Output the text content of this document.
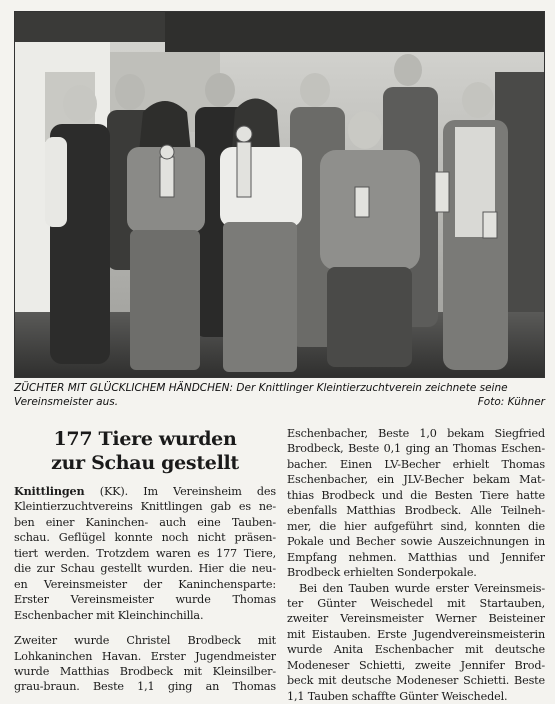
ZÜCHTER MIT GLÜCKLICHEM HÄNDCHEN: Der Knittlinger Kleintierzuchtverein zeichnete seine
Vereinsmeister aus.	Foto: Kühner
177 Tiere wurden
zur Schau gestellt
Knittlingen (KK). Im Vereinsheim des
Kleintierzuchtvereins Knittlingen gab es ne-
ben einer Kaninchen- auch eine Tauben-
schau. Geflügel konnte noch nicht präsen-
tiert werden. Trotzdem waren es 177 Tiere,
die zur Schau gestellt wurden. Hier die neu-
en Vereinsmeister der Kaninchensparte:
Erster Vereinsmeister wurde Thomas
Eschenbacher mit Kleinchinchilla.
Zweiter wurde Christel Brodbeck mit
Lohkaninchen Havan. Erster Jugendmeister
wurde Matthias Brodbeck mit Kleinsilber-
grau-braun. Beste 1,1 ging an Thomas
Eschenbacher, Beste 1,0 bekam Siegfried
Brodbeck, Beste 0,1 ging an Thomas Eschen-
bacher. Einen LV-Becher erhielt Thomas
Eschenbacher, ein JLV-Becher bekam Mat-
thias Brodbeck und die Besten Tiere hatte
ebenfalls Matthias Brodbeck. Alle Teilneh-
mer, die hier aufgeführt sind, konnten die
Pokale und Becher sowie Auszeichnungen in
Empfang nehmen. Matthias und Jennifer
Brodbeck erhielten Sonderpokale.
Bei den Tauben wurde erster Vereinsmeis-
ter Günter Weischedel mit Startauben,
zweiter Vereinsmeister Werner Beisteiner
mit Eistauben. Erste Jugendvereinsmeisterin
wurde Anita Eschenbacher mit deutsche
Modeneser Schietti, zweite Jennifer Brod-
beck mit deutsche Modeneser Schietti. Beste
1,1 Tauben schaffte Günter Weischedel.
